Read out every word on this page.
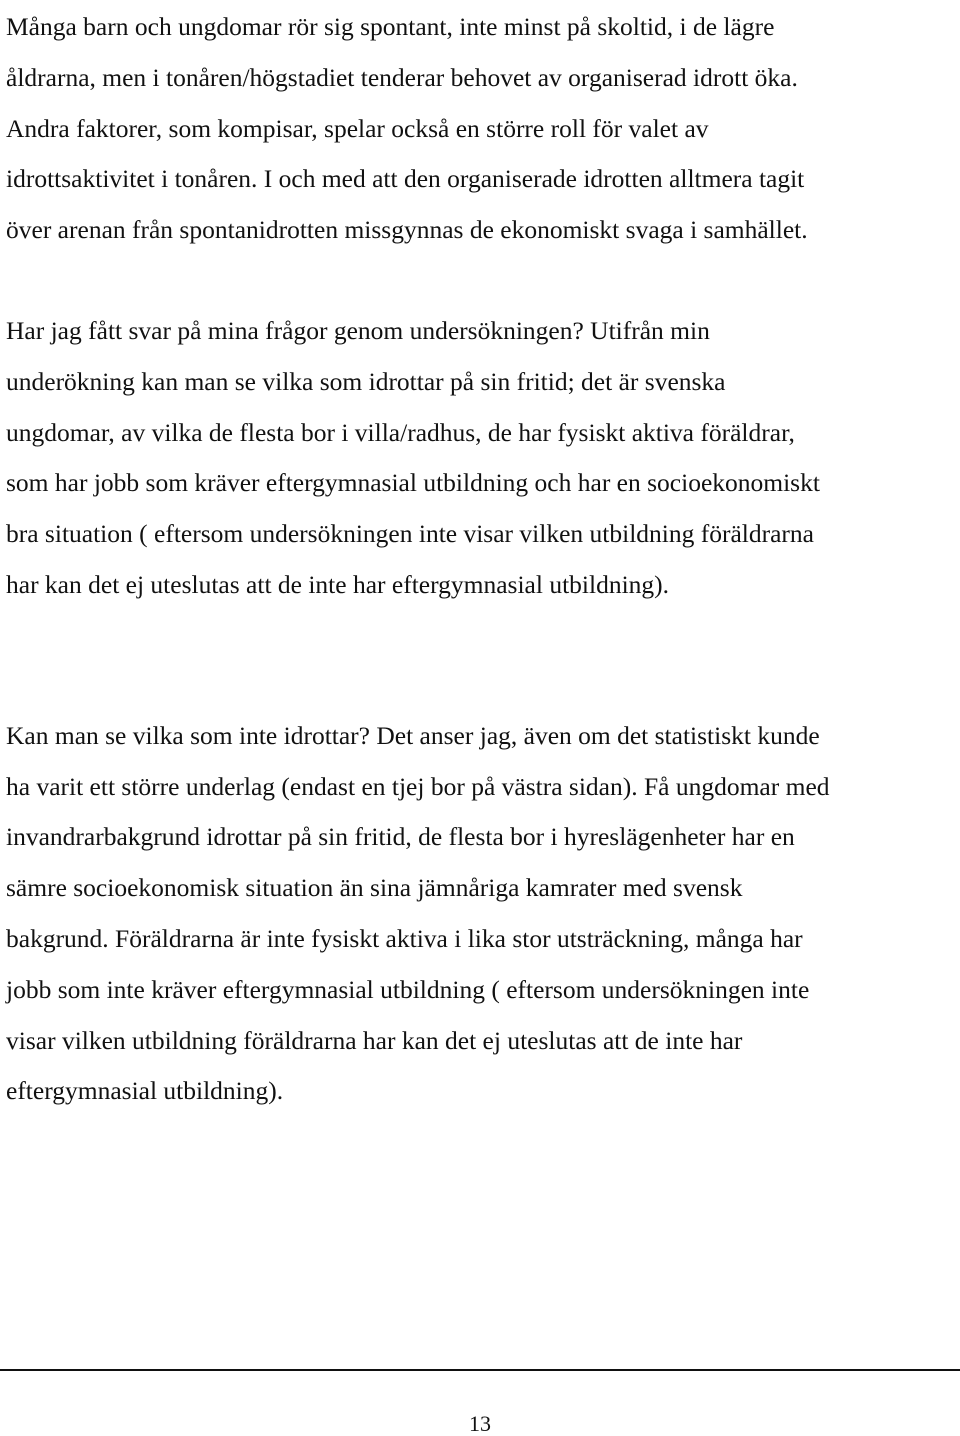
Många barn och ungdomar rör sig spontant, inte minst på skoltid, i de lägre
åldrarna, men i tonåren/högstadiet tenderar behovet av organiserad idrott öka.
Andra faktorer, som kompisar, spelar också en större roll för valet av
idrottsaktivitet i tonåren. I och med att den organiserade idrotten alltmera tagit
över arenan från spontanidrotten missgynnas de ekonomiskt svaga i samhället.

Har jag fått svar på mina frågor genom undersökningen? Utifrån min
underökning kan man se vilka som idrottar på sin fritid; det är svenska
ungdomar, av vilka de flesta bor i villa/radhus, de har fysiskt aktiva föräldrar,
som har jobb som kräver eftergymnasial utbildning och har en socioekonomiskt
bra situation ( eftersom undersökningen inte visar vilken utbildning föräldrarna
har kan det ej uteslutas att de inte har eftergymnasial utbildning).

Kan man se vilka som inte idrottar? Det anser jag, även om det statistiskt kunde
ha varit ett större underlag (endast en tjej bor på västra sidan). Få ungdomar med
invandrarbakgrund idrottar på sin fritid, de flesta bor i hyreslägenheter har en
sämre socioekonomisk situation än sina jämnåriga kamrater med svensk
bakgrund. Föräldrarna är inte fysiskt aktiva i lika stor utsträckning, många har
jobb som inte kräver eftergymnasial utbildning ( eftersom undersökningen inte
visar vilken utbildning föräldrarna har kan det ej uteslutas att de inte har
eftergymnasial utbildning).

13
